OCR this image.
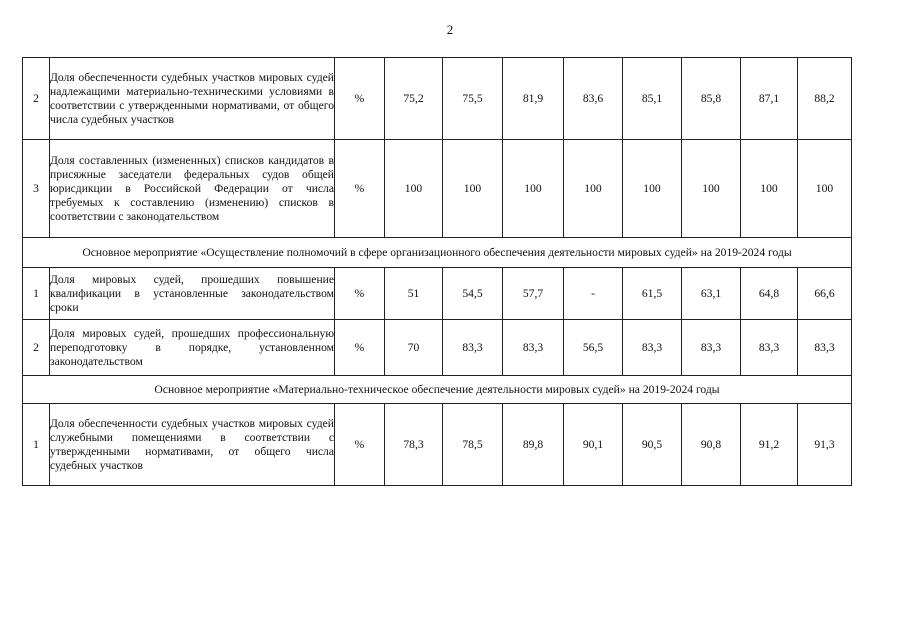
2
2	Доля обеспеченности судебных участков мировых судей надлежащими материально-техническими условиями в соответствии с утвержденными нормативами, от общего числа судебных участков	%	75,2	75,5	81,9	83,6	85,1	85,8	87,1	88,2
3	Доля составленных (измененных) списков кандидатов в присяжные заседатели федеральных судов общей юрисдикции в Российской Федерации от числа требуемых к составлению (изменению) списков в соответствии с законодательством	%	100	100	100	100	100	100	100	100
Основное мероприятие «Осуществление полномочий в сфере организационного обеспечения деятельности мировых судей» на 2019-2024 годы										
1	Доля мировых судей, прошедших повышение квалификации в установленные законодательством сроки	%	51	54,5	57,7	-	61,5	63,1	64,8	66,6
2	Доля мировых судей, прошедших профессиональную переподготовку в порядке, установленном законодательством	%	70	83,3	83,3	56,5	83,3	83,3	83,3	83,3
Основное мероприятие «Материально-техническое обеспечение деятельности мировых судей» на 2019-2024 годы										
1	Доля обеспеченности судебных участков мировых судей служебными помещениями в соответствии с утвержденными нормативами, от общего числа судебных участков	%	78,3	78,5	89,8	90,1	90,5	90,8	91,2	91,3
